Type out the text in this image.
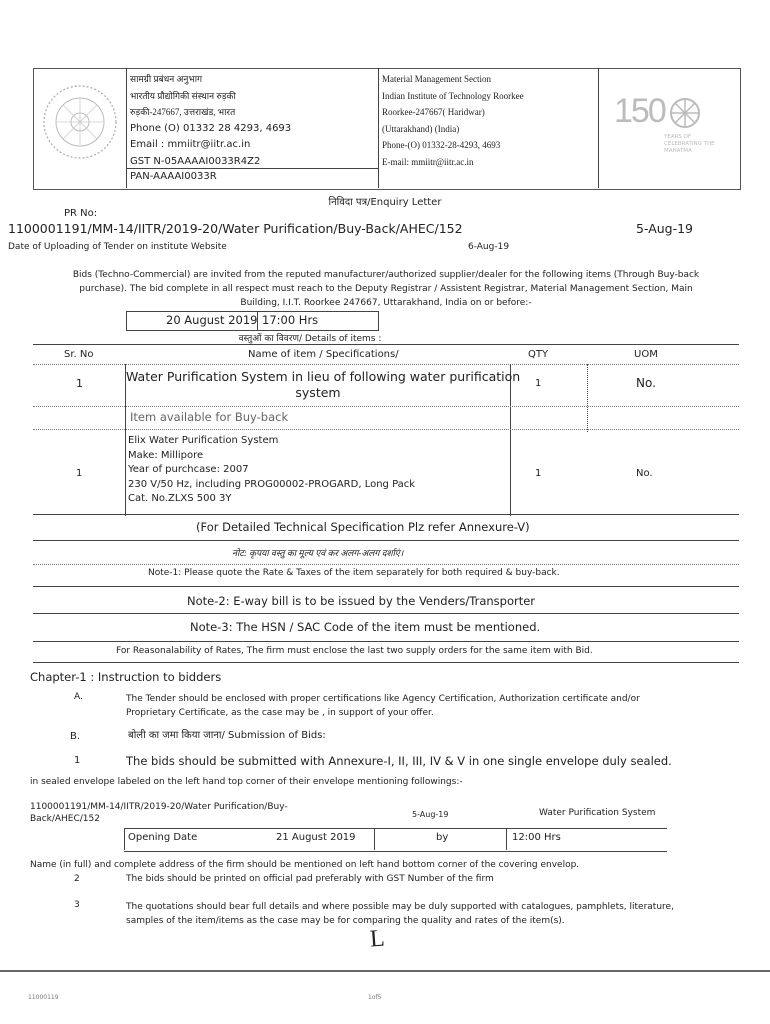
सामग्री प्रबंधन अनुभाग
भारतीय प्रौद्योगिकी संस्थान रुड़की
रुड़की-247667, उत्तराखंड, भारत
Phone (O) 01332 28 4293, 4693
Email : mmiitr@iitr.ac.in
GST N-05AAAAI0033R4Z2
PAN-AAAAI0033R
Material Management Section
Indian Institute of Technology Roorkee
Roorkee-247667( Haridwar)
(Uttarakhand) (India)
Phone-(O) 01332-28-4293, 4693
E-mail: mmiitr@iitr.ac.in
150
YEARS OF CELEBRATING THE MAHATMA
निविदा पत्र/Enquiry Letter
PR No:
1100001191/MM-14/IITR/2019-20/Water Purification/Buy-Back/AHEC/152	5-Aug-19
Date of Uploading of Tender on institute Website	6-Aug-19
Bids (Techno-Commercial) are invited from the reputed manufacturer/authorized supplier/dealer for the following items (Through Buy-back
purchase). The bid complete in all respect must reach to the Deputy Registrar / Assistent Registrar, Material Management Section, Main
Building, I.I.T. Roorkee 247667, Uttarakhand, India on or before:-
20 August 2019 17:00 Hrs
वस्तुओं का विवरण/ Details of items :
Sr. No	Name of item / Specifications/	QTY	UOM
1	Water Purification System in lieu of following water purification
system
1	No.
Item available for Buy-back
1
Elix Water Purification System
Make: Millipore
Year of purchcase: 2007
230 V/50 Hz, including PROG00002-PROGARD, Long Pack
Cat. No.ZLXS 500 3Y
1	No.
(For Detailed Technical Specification Plz refer Annexure-V)
नोट: कृपया वस्तु का मूल्य एवं कर अलग-अलग दर्शाएं।
Note-1: Please quote the Rate & Taxes of the item separately for both required & buy-back.
Note-2: E-way bill is to be issued by the Venders/Transporter
Note-3: The HSN / SAC Code of the item must be mentioned.
For Reasonalability of Rates, The firm must enclose the last two supply orders for the same item with Bid.
Chapter-1 : Instruction to bidders
A.	The Tender should be enclosed with proper certifications like Agency Certification, Authorization certificate and/or
Proprietary Certificate, as the case may be , in support of your offer.
B.	बोली का जमा किया जाना/ Submission of Bids:
1	The bids should be submitted with Annexure-I, II, III, IV & V in one single envelope duly sealed.
in sealed envelope labeled on the left hand top corner of their envelope mentioning followings:-
1100001191/MM-14/IITR/2019-20/Water Purification/Buy-
Back/AHEC/152	5-Aug-19	Water Purification System
Opening Date	21 August 2019	by	12:00 Hrs
Name (in full) and complete address of the firm should be mentioned on left hand bottom corner of the covering envelop.
2	The bids should be printed on official pad preferably with GST Number of the firm
3	The quotations should bear full details and where possible may be duly supported with catalogues, pamphlets, literature,
samples of the item/items as the case may be for comparing the quality and rates of the item(s).
L
11000119	1of5
